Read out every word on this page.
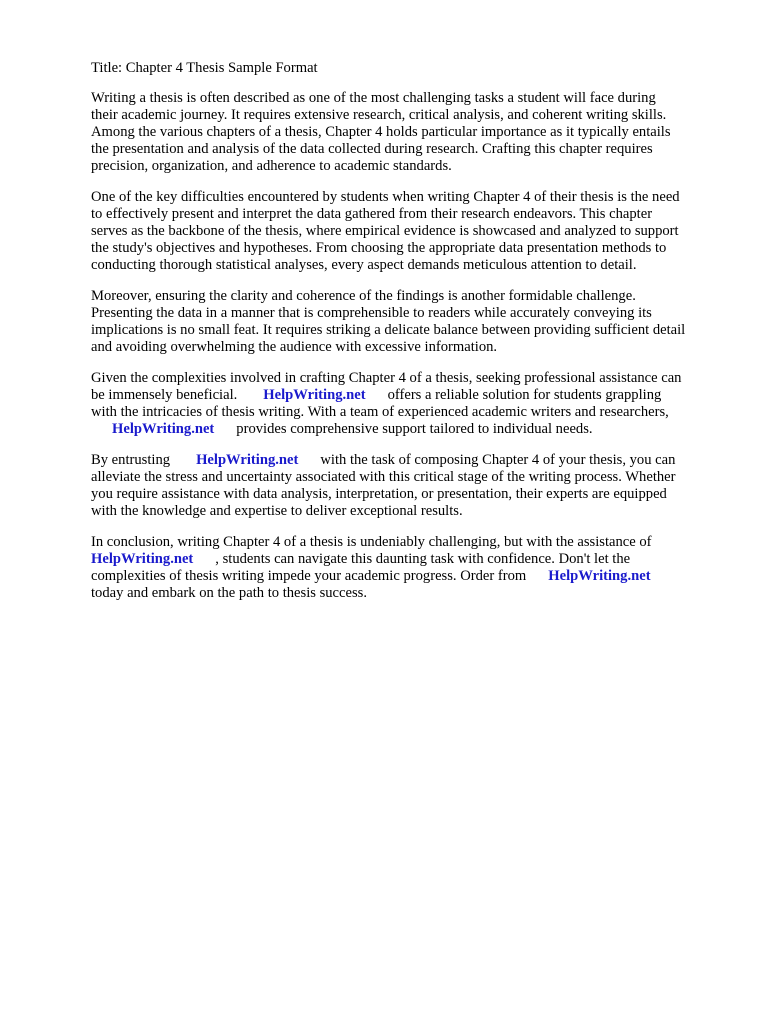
Title: Chapter 4 Thesis Sample Format
Writing a thesis is often described as one of the most challenging tasks a student will face during
their academic journey. It requires extensive research, critical analysis, and coherent writing skills.
Among the various chapters of a thesis, Chapter 4 holds particular importance as it typically entails
the presentation and analysis of the data collected during research. Crafting this chapter requires
precision, organization, and adherence to academic standards.
One of the key difficulties encountered by students when writing Chapter 4 of their thesis is the need
to effectively present and interpret the data gathered from their research endeavors. This chapter
serves as the backbone of the thesis, where empirical evidence is showcased and analyzed to support
the study's objectives and hypotheses. From choosing the appropriate data presentation methods to
conducting thorough statistical analyses, every aspect demands meticulous attention to detail.
Moreover, ensuring the clarity and coherence of the findings is another formidable challenge.
Presenting the data in a manner that is comprehensible to readers while accurately conveying its
implications is no small feat. It requires striking a delicate balance between providing sufficient detail
and avoiding overwhelming the audience with excessive information.
Given the complexities involved in crafting Chapter 4 of a thesis, seeking professional assistance can
be immensely beneficial. HelpWriting.net offers a reliable solution for students grappling
with the intricacies of thesis writing. With a team of experienced academic writers and researchers,
HelpWriting.net provides comprehensive support tailored to individual needs.
By entrusting HelpWriting.net with the task of composing Chapter 4 of your thesis, you can
alleviate the stress and uncertainty associated with this critical stage of the writing process. Whether
you require assistance with data analysis, interpretation, or presentation, their experts are equipped
with the knowledge and expertise to deliver exceptional results.
In conclusion, writing Chapter 4 of a thesis is undeniably challenging, but with the assistance of
HelpWriting.net , students can navigate this daunting task with confidence. Don't let the
complexities of thesis writing impede your academic progress. Order from HelpWriting.net
today and embark on the path to thesis success.
